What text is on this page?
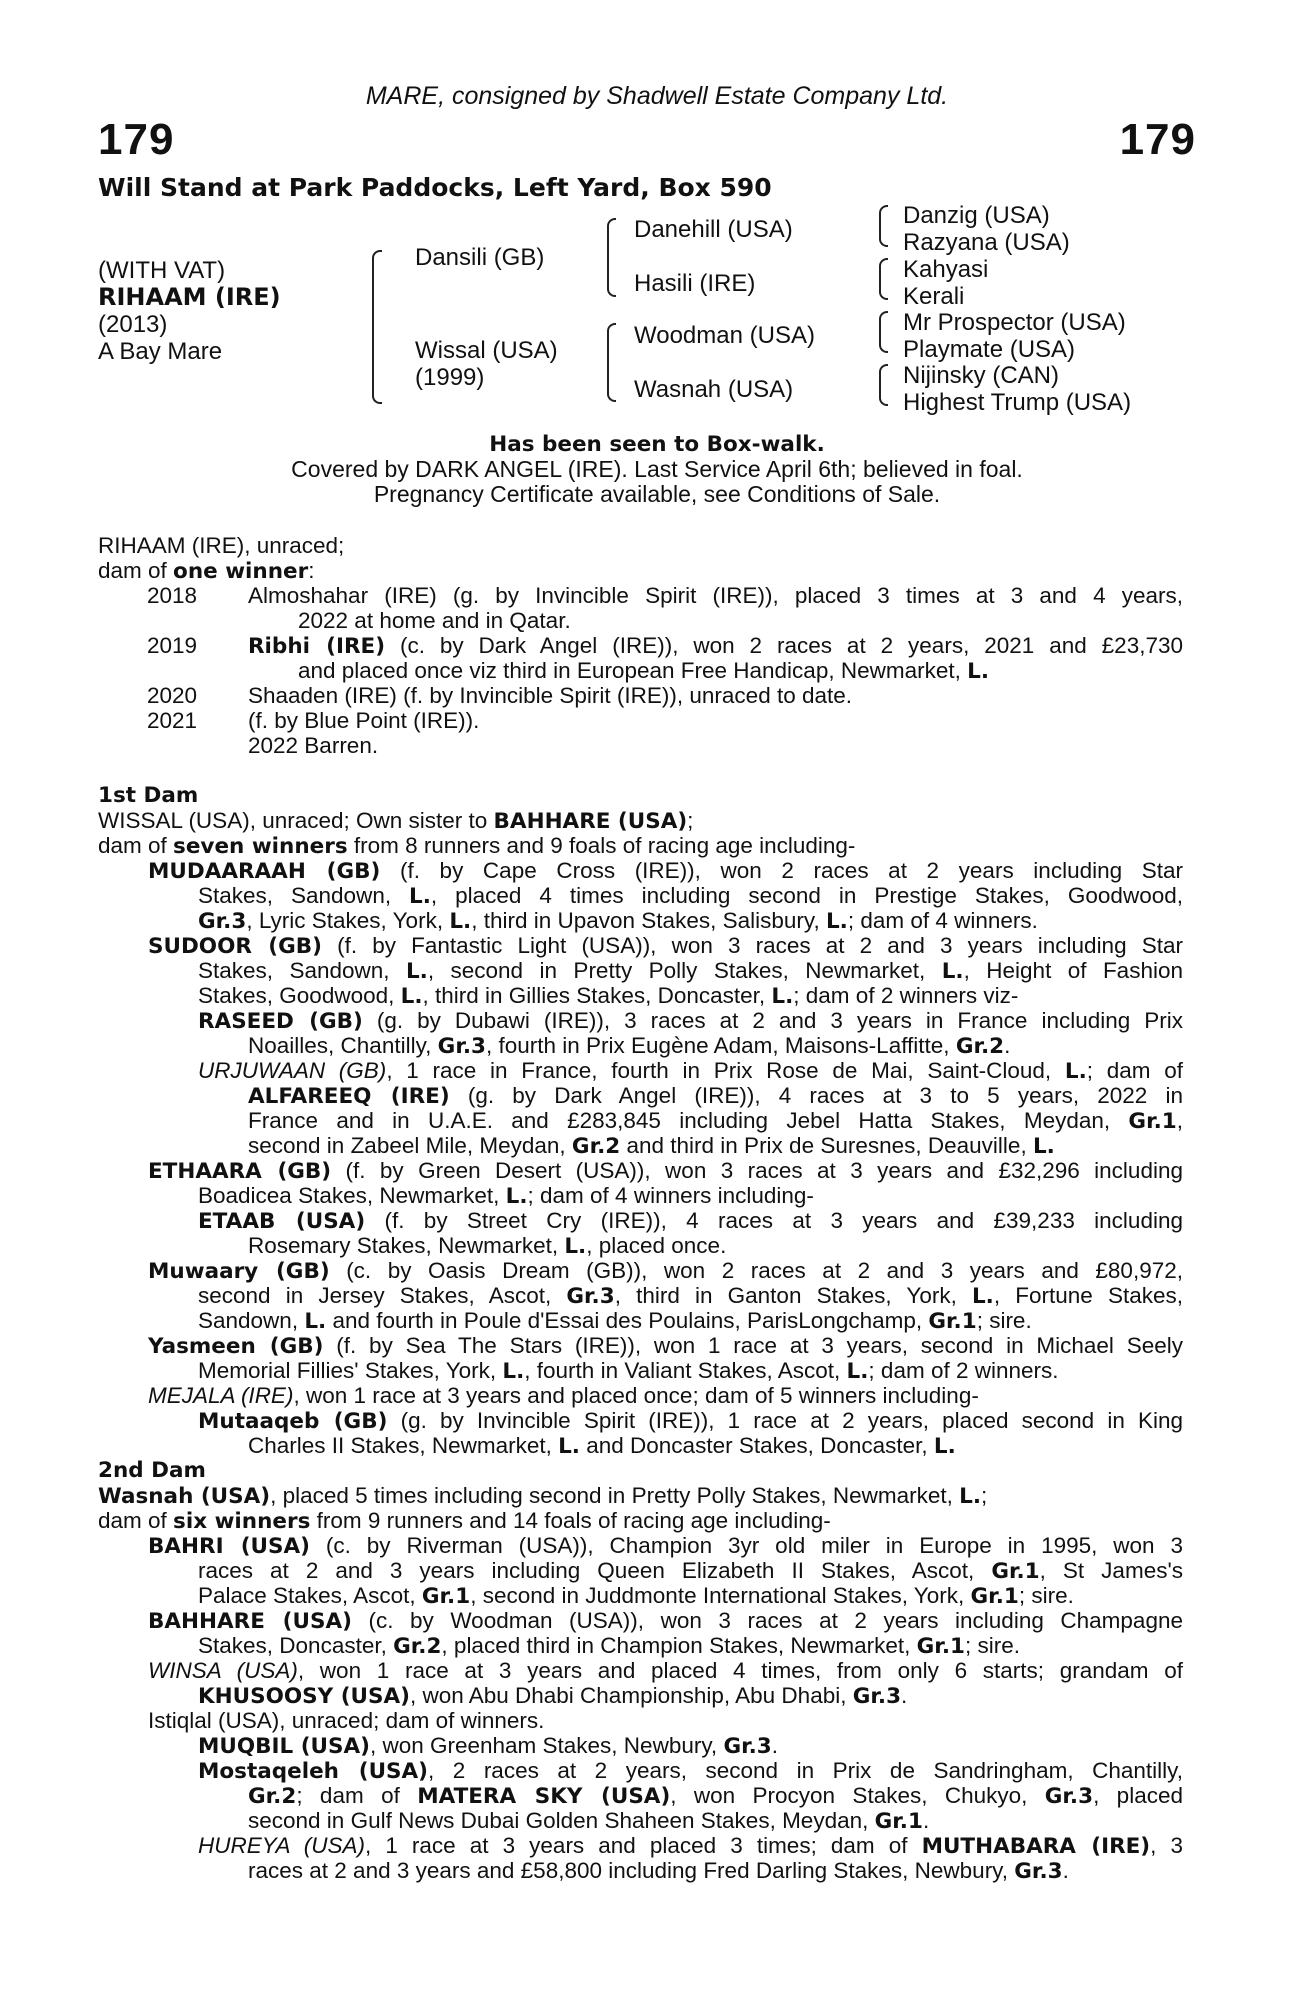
MARE, consigned by Shadwell Estate Company Ltd.
179	179
Will Stand at Park Paddocks, Left Yard, Box 590
(WITH VAT)
RIHAAM (IRE)
(2013)
A Bay Mare
Dansili (GB)
Wissal (USA)
(1999)
Danehill (USA)
Hasili (IRE)
Woodman (USA)
Wasnah (USA)
Danzig (USA)
Razyana (USA)
Kahyasi
Kerali
Mr Prospector (USA)
Playmate (USA)
Nijinsky (CAN)
Highest Trump (USA)
Has been seen to Box-walk.
Covered by DARK ANGEL (IRE). Last Service April 6th; believed in foal.
Pregnancy Certificate available, see Conditions of Sale.
RIHAAM (IRE), unraced;
dam of one winner:
2018 Almoshahar (IRE) (g. by Invincible Spirit (IRE)), placed 3 times at 3 and 4 years,
2022 at home and in Qatar.
2019 Ribhi (IRE) (c. by Dark Angel (IRE)), won 2 races at 2 years, 2021 and £23,730
and placed once viz third in European Free Handicap, Newmarket, L.
2020 Shaaden (IRE) (f. by Invincible Spirit (IRE)), unraced to date.
2021 (f. by Blue Point (IRE)).
2022 Barren.
1st Dam
WISSAL (USA), unraced; Own sister to BAHHARE (USA);
dam of seven winners from 8 runners and 9 foals of racing age including-
MUDAARAAH (GB) (f. by Cape Cross (IRE)), won 2 races at 2 years including Star
Stakes, Sandown, L., placed 4 times including second in Prestige Stakes, Goodwood,
Gr.3, Lyric Stakes, York, L., third in Upavon Stakes, Salisbury, L.; dam of 4 winners.
SUDOOR (GB) (f. by Fantastic Light (USA)), won 3 races at 2 and 3 years including Star
Stakes, Sandown, L., second in Pretty Polly Stakes, Newmarket, L., Height of Fashion
Stakes, Goodwood, L., third in Gillies Stakes, Doncaster, L.; dam of 2 winners viz-
RASEED (GB) (g. by Dubawi (IRE)), 3 races at 2 and 3 years in France including Prix
Noailles, Chantilly, Gr.3, fourth in Prix Eugène Adam, Maisons-Laffitte, Gr.2.
URJUWAAN (GB), 1 race in France, fourth in Prix Rose de Mai, Saint-Cloud, L.; dam of
ALFAREEQ (IRE) (g. by Dark Angel (IRE)), 4 races at 3 to 5 years, 2022 in
France and in U.A.E. and £283,845 including Jebel Hatta Stakes, Meydan, Gr.1,
second in Zabeel Mile, Meydan, Gr.2 and third in Prix de Suresnes, Deauville, L.
ETHAARA (GB) (f. by Green Desert (USA)), won 3 races at 3 years and £32,296 including
Boadicea Stakes, Newmarket, L.; dam of 4 winners including-
ETAAB (USA) (f. by Street Cry (IRE)), 4 races at 3 years and £39,233 including
Rosemary Stakes, Newmarket, L., placed once.
Muwaary (GB) (c. by Oasis Dream (GB)), won 2 races at 2 and 3 years and £80,972,
second in Jersey Stakes, Ascot, Gr.3, third in Ganton Stakes, York, L., Fortune Stakes,
Sandown, L. and fourth in Poule d'Essai des Poulains, ParisLongchamp, Gr.1; sire.
Yasmeen (GB) (f. by Sea The Stars (IRE)), won 1 race at 3 years, second in Michael Seely
Memorial Fillies' Stakes, York, L., fourth in Valiant Stakes, Ascot, L.; dam of 2 winners.
MEJALA (IRE), won 1 race at 3 years and placed once; dam of 5 winners including-
Mutaaqeb (GB) (g. by Invincible Spirit (IRE)), 1 race at 2 years, placed second in King
Charles II Stakes, Newmarket, L. and Doncaster Stakes, Doncaster, L.
2nd Dam
Wasnah (USA), placed 5 times including second in Pretty Polly Stakes, Newmarket, L.;
dam of six winners from 9 runners and 14 foals of racing age including-
BAHRI (USA) (c. by Riverman (USA)), Champion 3yr old miler in Europe in 1995, won 3
races at 2 and 3 years including Queen Elizabeth II Stakes, Ascot, Gr.1, St James's
Palace Stakes, Ascot, Gr.1, second in Juddmonte International Stakes, York, Gr.1; sire.
BAHHARE (USA) (c. by Woodman (USA)), won 3 races at 2 years including Champagne
Stakes, Doncaster, Gr.2, placed third in Champion Stakes, Newmarket, Gr.1; sire.
WINSA (USA), won 1 race at 3 years and placed 4 times, from only 6 starts; grandam of
KHUSOOSY (USA), won Abu Dhabi Championship, Abu Dhabi, Gr.3.
Istiqlal (USA), unraced; dam of winners.
MUQBIL (USA), won Greenham Stakes, Newbury, Gr.3.
Mostaqeleh (USA), 2 races at 2 years, second in Prix de Sandringham, Chantilly,
Gr.2; dam of MATERA SKY (USA), won Procyon Stakes, Chukyo, Gr.3, placed
second in Gulf News Dubai Golden Shaheen Stakes, Meydan, Gr.1.
HUREYA (USA), 1 race at 3 years and placed 3 times; dam of MUTHABARA (IRE), 3
races at 2 and 3 years and £58,800 including Fred Darling Stakes, Newbury, Gr.3.
